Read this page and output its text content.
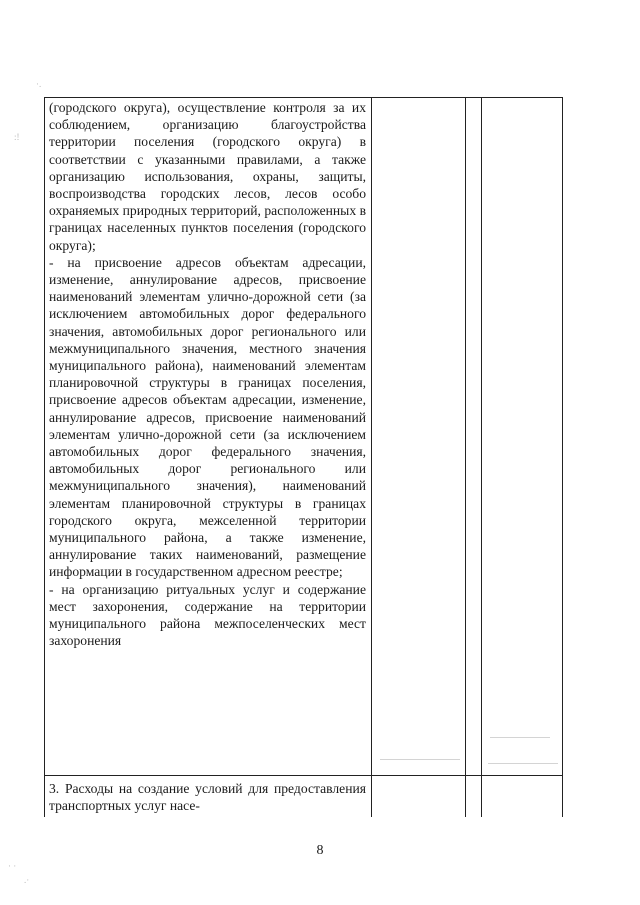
·.
:!
· ·
.·

(городского округа), осуществление контроля за их соблюдением, организацию благоустройства территории поселения (городского округа) в соответствии с указанными правилами, а также организацию использования, охраны, защиты, воспроизводства городских лесов, лесов особо охраняемых природных территорий, расположенных в границах населенных пунктов поселения (городского округа);

- на присвоение адресов объектам адресации, изменение, аннулирование адресов, присвоение наименований элементам улично-дорожной сети (за исключением автомобильных дорог федерального значения, автомобильных дорог регионального или межмуниципального значения, местного значения муниципального района), наименований элементам планировочной структуры в границах поселения, присвоение адресов объектам адресации, изменение, аннулирование адресов, присвоение наименований элементам улично-дорожной сети (за исключением автомобильных дорог федерального значения, автомобильных дорог регионального или межмуниципального значения), наименований элементам планировочной структуры в границах городского округа, межселенной территории муниципального района, а также изменение, аннулирование таких наименований, размещение информации в государственном адресном реестре;

- на организацию ритуальных услуг и содержание мест захоронения, содержание на территории муниципального района межпоселенческих мест захоронения

3. Расходы на создание условий для предоставления транспортных услуг насе-

8
